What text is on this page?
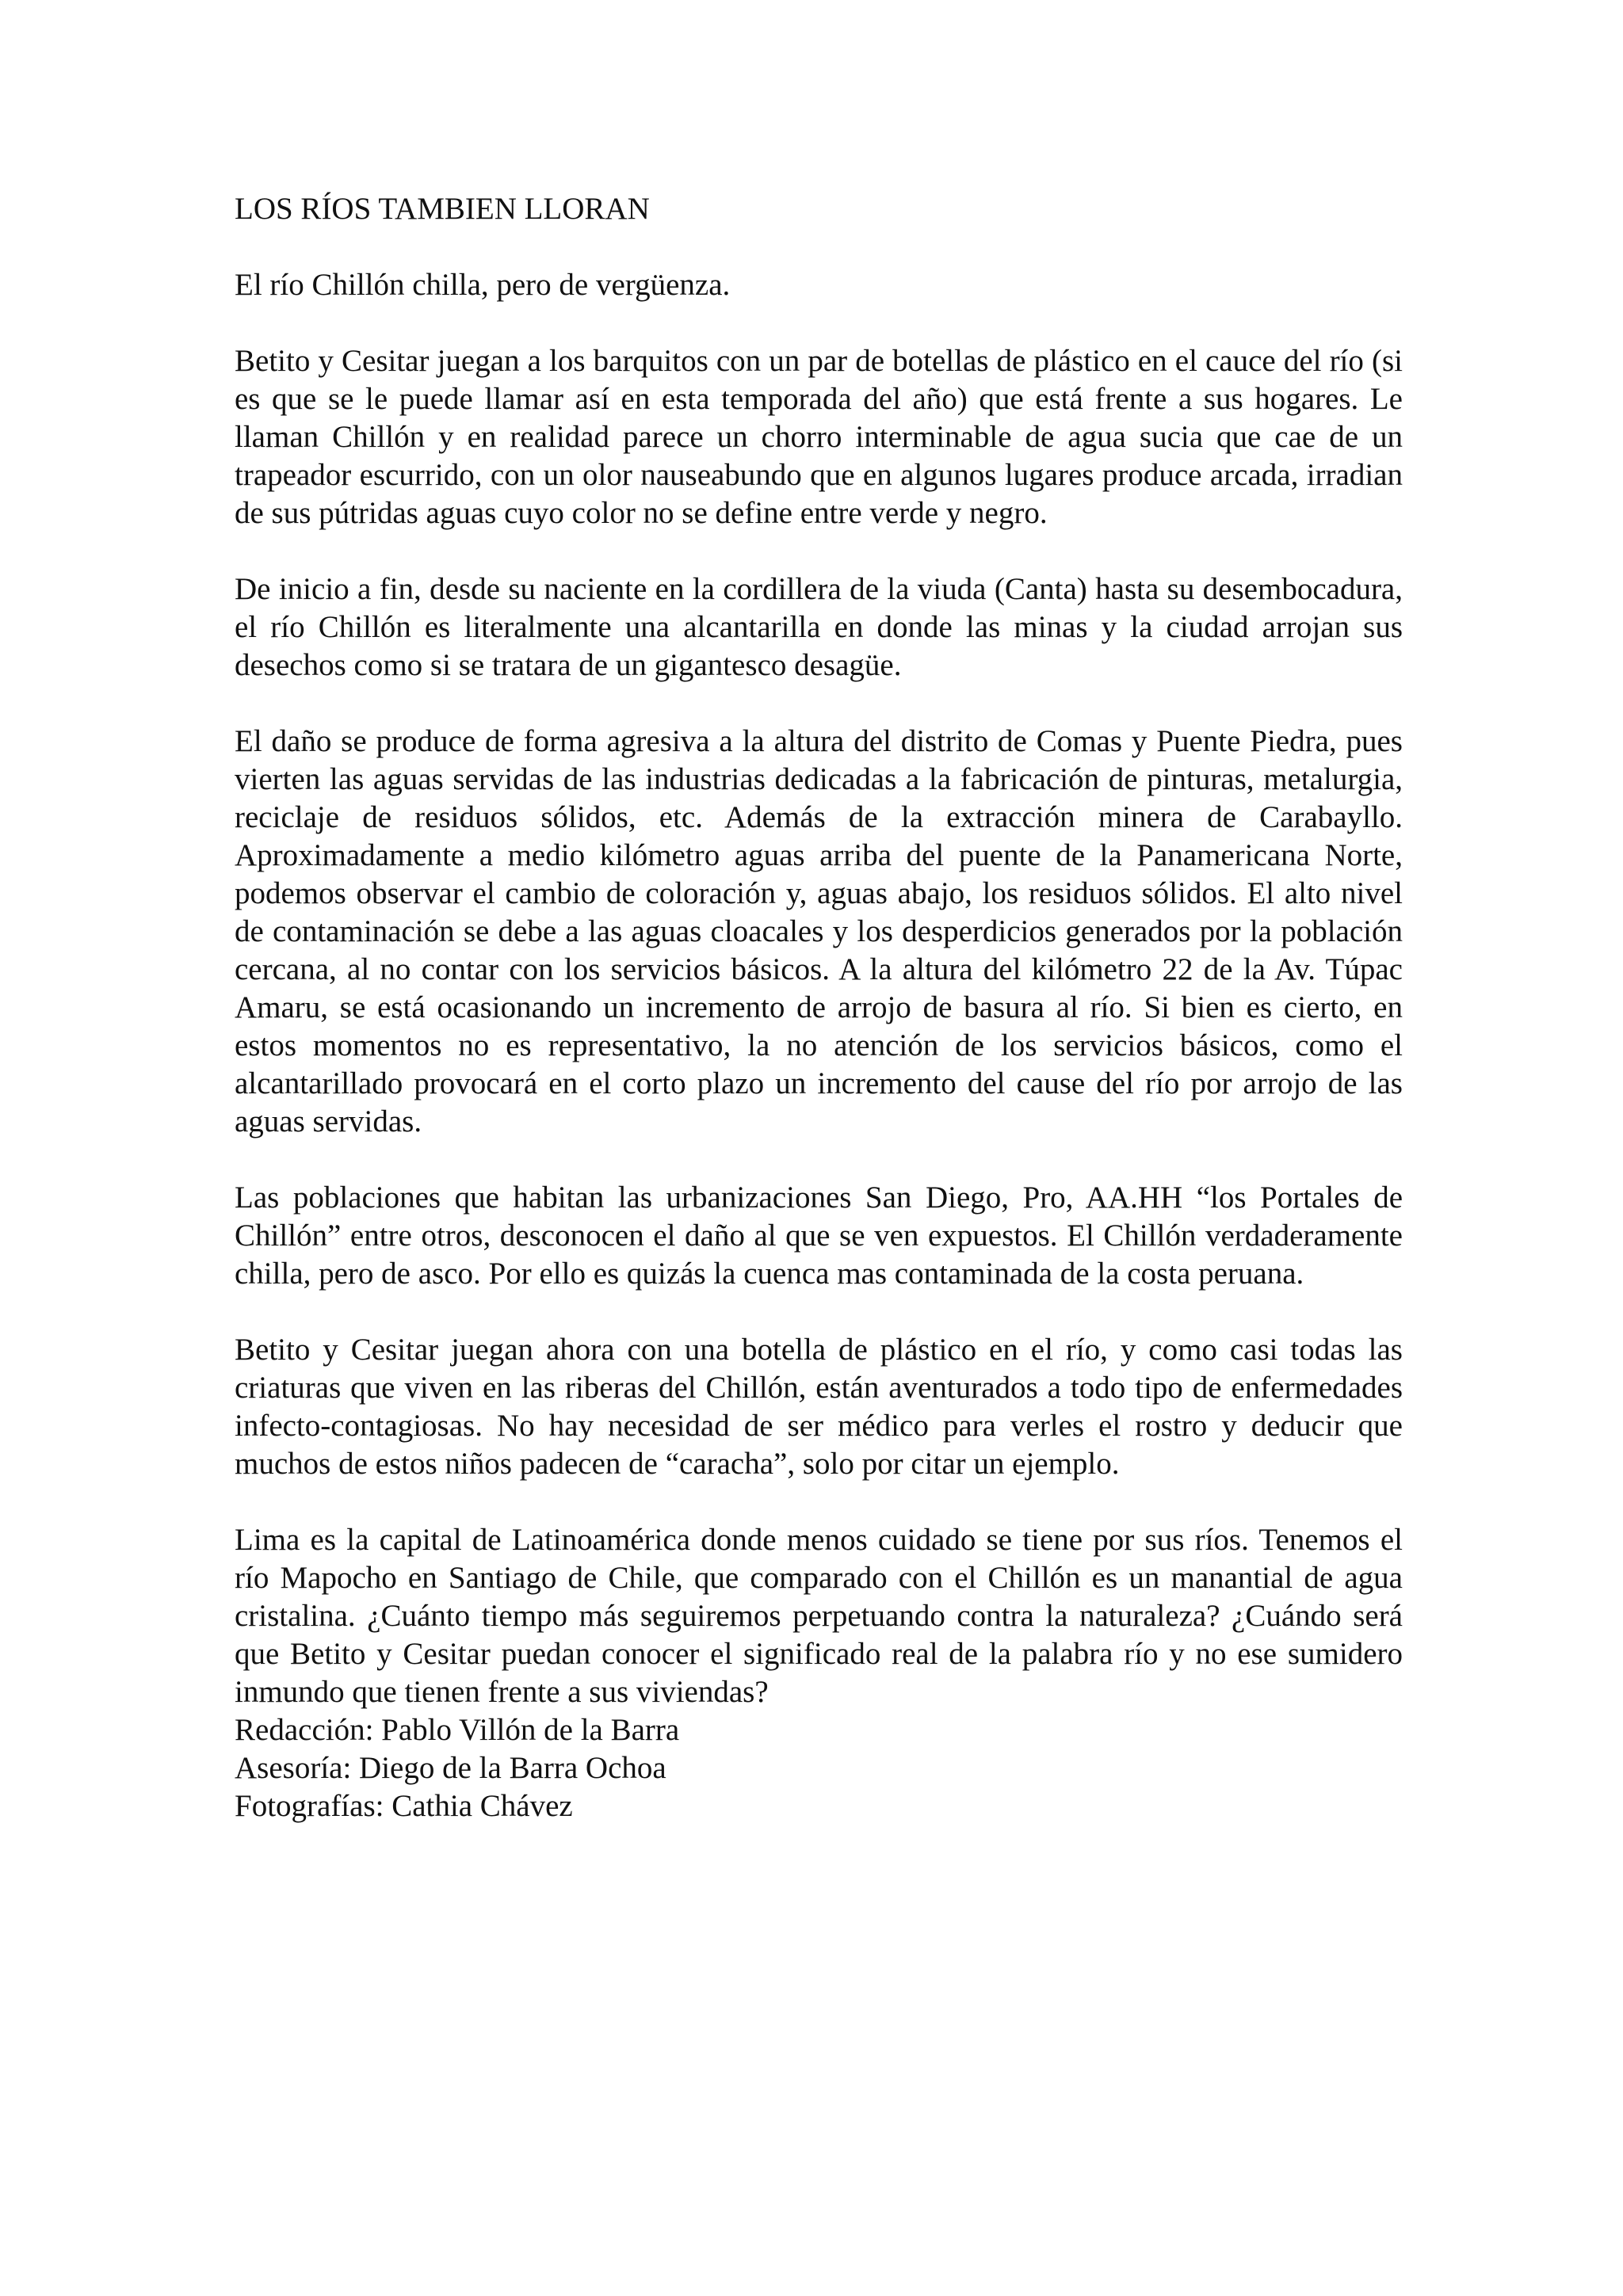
LOS RÍOS TAMBIEN LLORAN

El río Chillón chilla, pero de vergüenza.

Betito y Cesitar juegan a los barquitos con un par de botellas de plástico en el cauce del río (si es que se le puede llamar así en esta temporada del año) que está frente a sus hogares. Le llaman Chillón y en realidad parece un chorro interminable de agua sucia que cae de un trapeador escurrido, con un olor nauseabundo que en algunos lugares produce arcada, irradian de sus pútridas aguas cuyo color no se define entre verde y negro.

De inicio a fin, desde su naciente en la cordillera de la viuda (Canta) hasta su desembocadura, el río Chillón es literalmente una alcantarilla en donde las minas y la ciudad arrojan sus desechos como si se tratara de un gigantesco desagüe.

El daño se produce de forma agresiva a la altura del distrito de Comas y Puente Piedra, pues vierten las aguas servidas de las industrias dedicadas a la fabricación de pinturas, metalurgia, reciclaje de residuos sólidos, etc. Además de la extracción minera de Carabayllo. Aproximadamente a medio kilómetro aguas arriba del puente de la Panamericana Norte, podemos observar el cambio de coloración y, aguas abajo, los residuos sólidos. El alto nivel de contaminación se debe a las aguas cloacales y los desperdicios generados por la población cercana, al no contar con los servicios básicos. A la altura del kilómetro 22 de la Av. Túpac Amaru, se está ocasionando un incremento de arrojo de basura al río. Si bien es cierto, en estos momentos no es representativo, la no atención de los servicios básicos, como el alcantarillado provocará en el corto plazo un incremento del cause del río por arrojo de las aguas servidas.

Las poblaciones que habitan las urbanizaciones San Diego, Pro, AA.HH “los Portales de Chillón” entre otros, desconocen el daño al que se ven expuestos. El Chillón verdaderamente chilla, pero de asco. Por ello es quizás la cuenca mas contaminada de la costa peruana.

Betito y Cesitar juegan ahora con una botella de plástico en el río, y como casi todas las criaturas que viven en las riberas del Chillón, están aventurados a todo tipo de enfermedades infecto-contagiosas. No hay necesidad de ser médico para verles el rostro y deducir que muchos de estos niños padecen de “caracha”, solo por citar un ejemplo.

Lima es la capital de Latinoamérica donde menos cuidado se tiene por sus ríos. Tenemos el río Mapocho en Santiago de Chile, que comparado con el Chillón es un manantial de agua cristalina. ¿Cuánto tiempo más seguiremos perpetuando contra la naturaleza? ¿Cuándo será que Betito y Cesitar puedan conocer el significado real de la palabra río y no ese sumidero inmundo que tienen frente a sus viviendas?

Redacción: Pablo Villón de la Barra
Asesoría: Diego de la Barra Ochoa
Fotografías: Cathia Chávez
